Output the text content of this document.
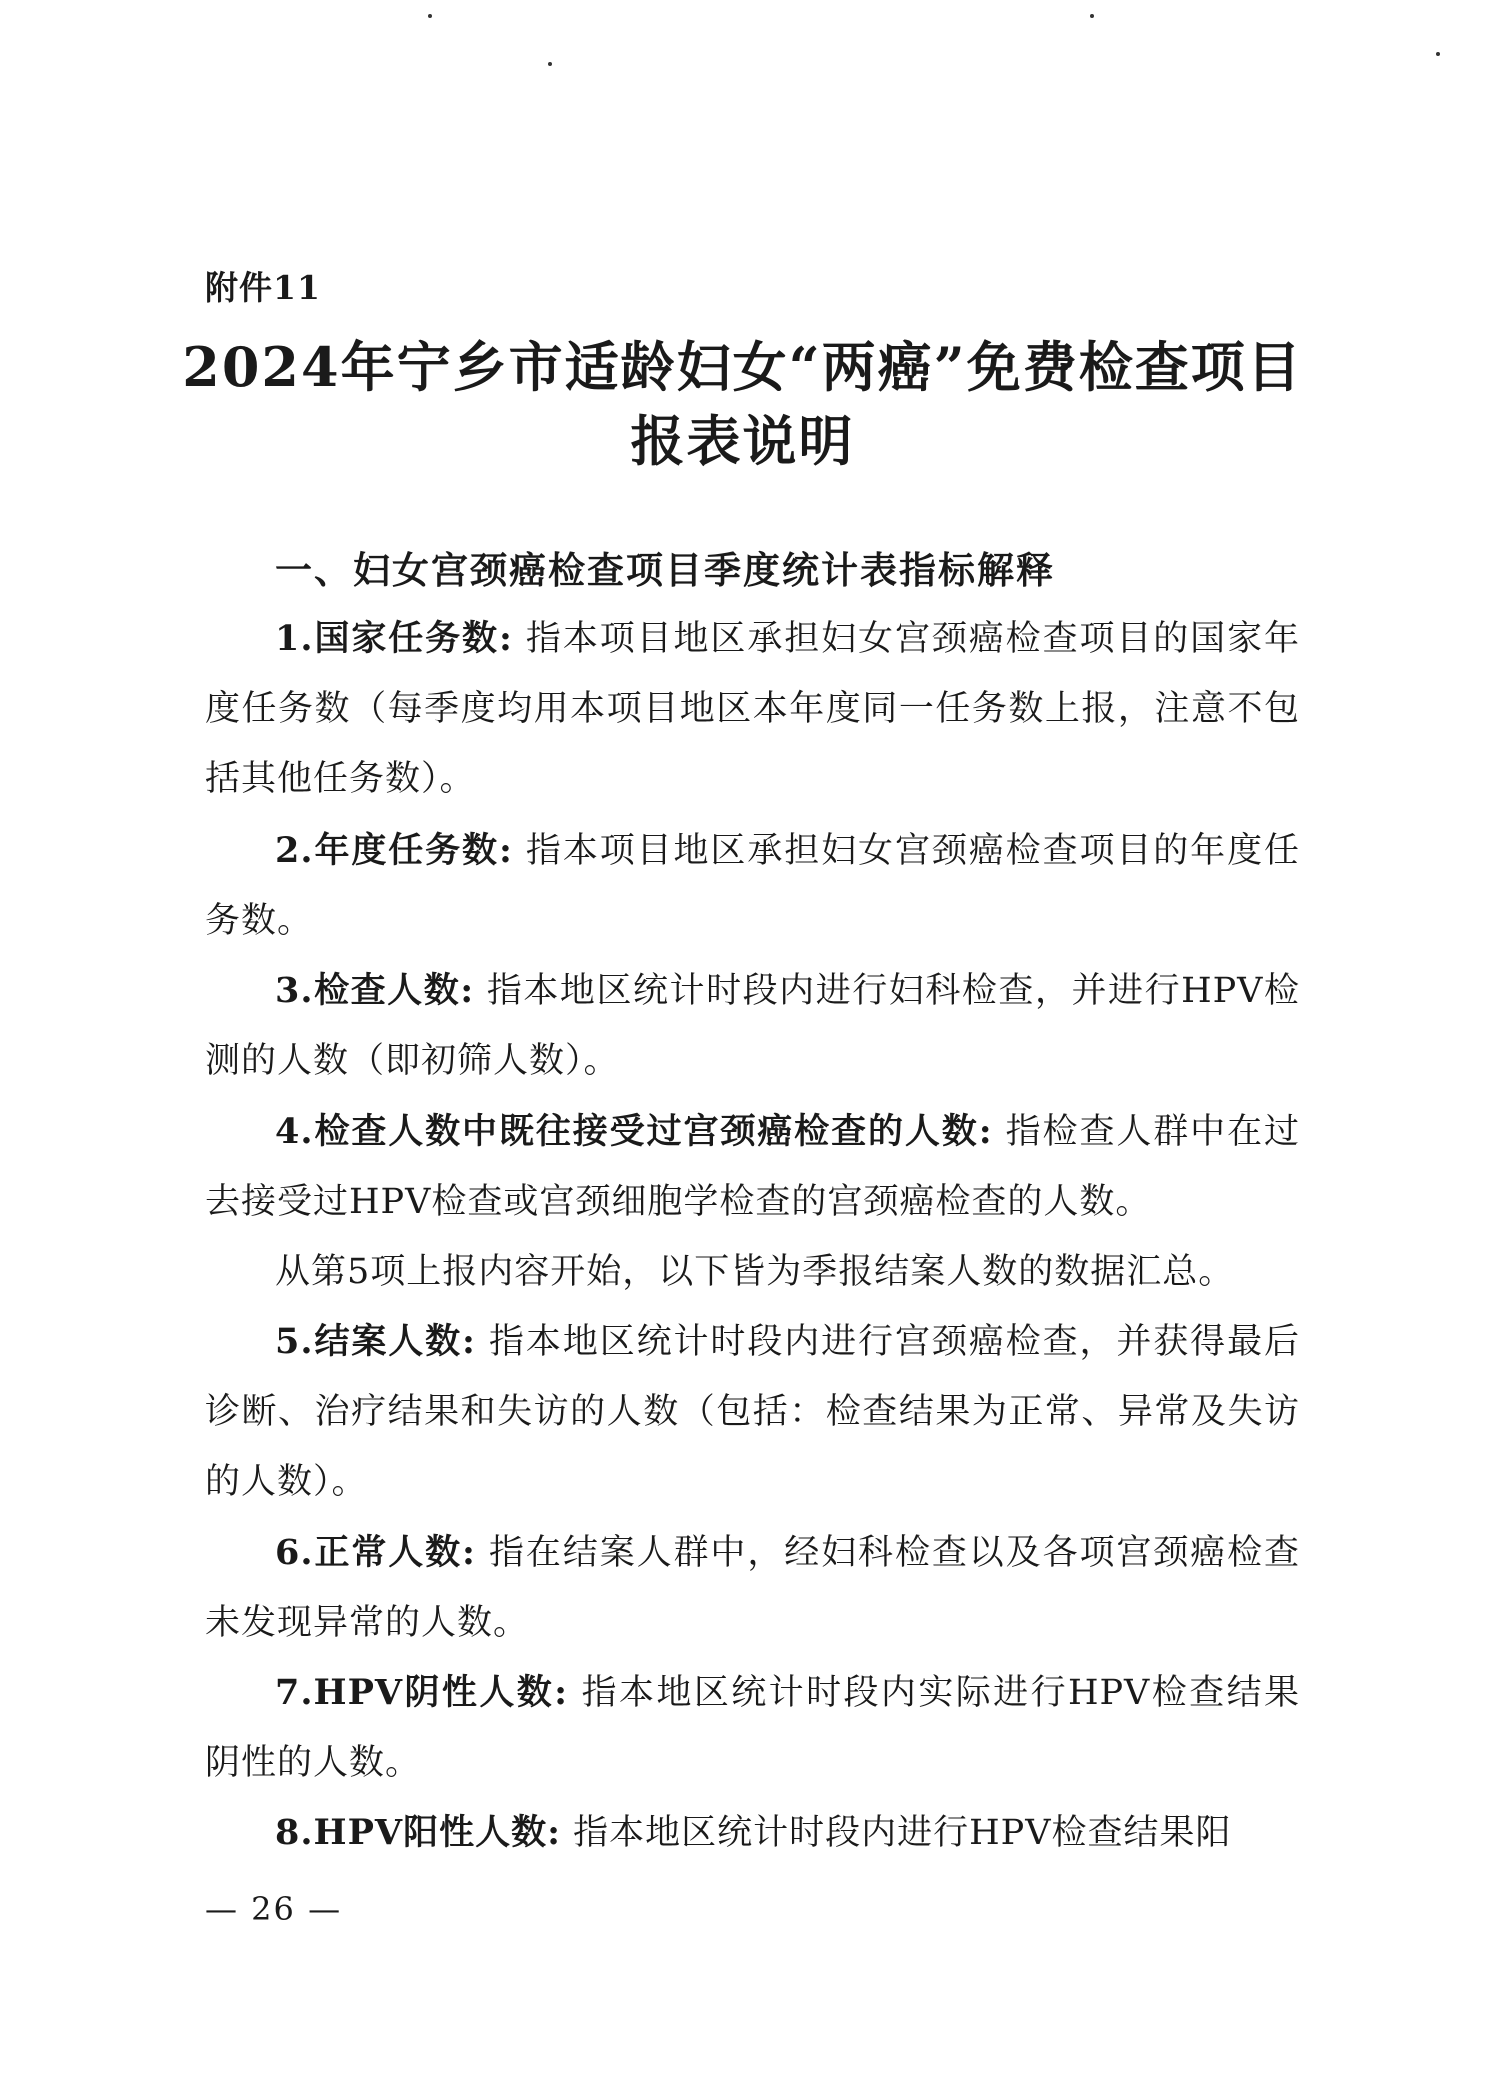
附件11
2024年宁乡市适龄妇女“两癌”免费检查项目
报表说明
一、妇女宫颈癌检查项目季度统计表指标解释
1.国家任务数: 指本项目地区承担妇女宫颈癌检查项目的国家年度任务数（每季度均用本项目地区本年度同一任务数上报，注意不包括其他任务数）。
2.年度任务数: 指本项目地区承担妇女宫颈癌检查项目的年度任务数。
3.检查人数: 指本地区统计时段内进行妇科检查，并进行HPV检测的人数（即初筛人数）。
4.检查人数中既往接受过宫颈癌检查的人数: 指检查人群中在过去接受过HPV检查或宫颈细胞学检查的宫颈癌检查的人数。
从第5项上报内容开始，以下皆为季报结案人数的数据汇总。
5.结案人数: 指本地区统计时段内进行宫颈癌检查，并获得最后诊断、治疗结果和失访的人数（包括：检查结果为正常、异常及失访的人数）。
6.正常人数: 指在结案人群中，经妇科检查以及各项宫颈癌检查未发现异常的人数。
7.HPV阴性人数: 指本地区统计时段内实际进行HPV检查结果阴性的人数。
8.HPV阳性人数: 指本地区统计时段内进行HPV检查结果阳
— 26 —
